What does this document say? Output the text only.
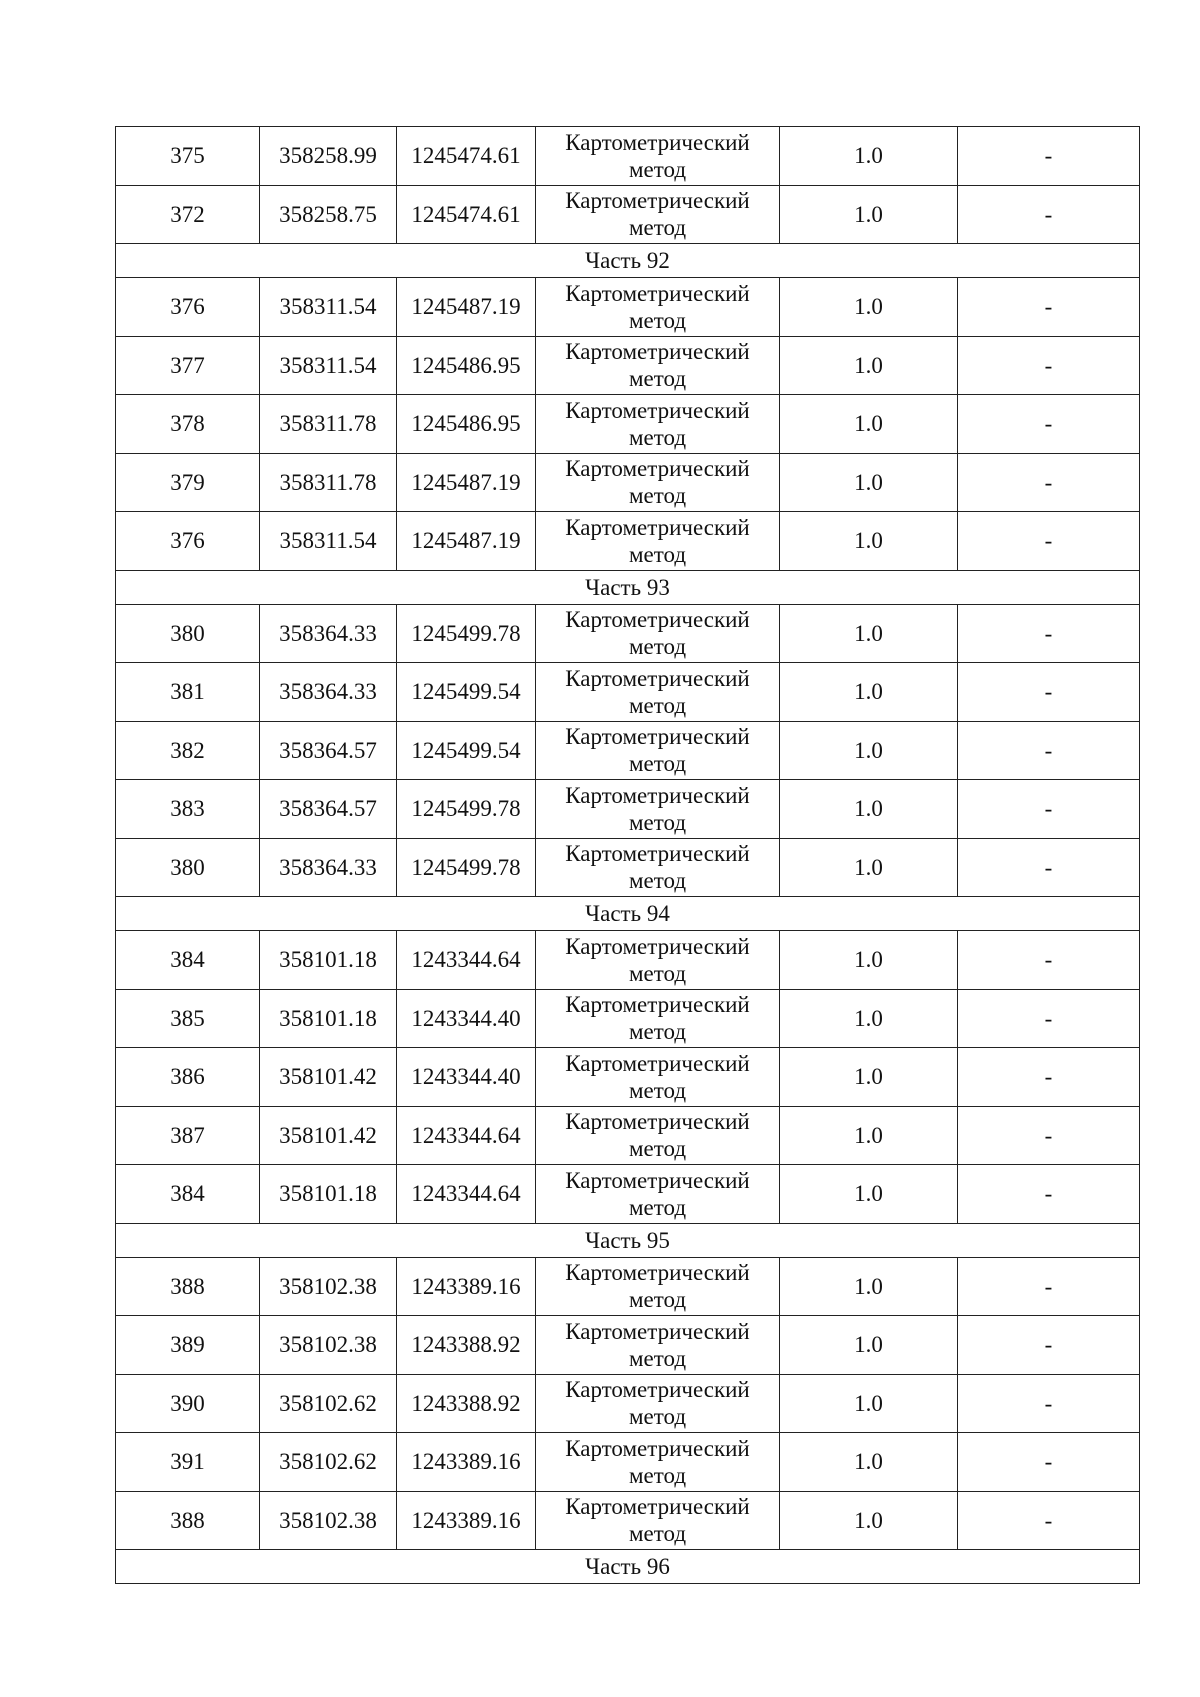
375	358258.99	1245474.61	Картометрический метод	1.0	-
372	358258.75	1245474.61	Картометрический метод	1.0	-
Часть 92					
376	358311.54	1245487.19	Картометрический метод	1.0	-
377	358311.54	1245486.95	Картометрический метод	1.0	-
378	358311.78	1245486.95	Картометрический метод	1.0	-
379	358311.78	1245487.19	Картометрический метод	1.0	-
376	358311.54	1245487.19	Картометрический метод	1.0	-
Часть 93					
380	358364.33	1245499.78	Картометрический метод	1.0	-
381	358364.33	1245499.54	Картометрический метод	1.0	-
382	358364.57	1245499.54	Картометрический метод	1.0	-
383	358364.57	1245499.78	Картометрический метод	1.0	-
380	358364.33	1245499.78	Картометрический метод	1.0	-
Часть 94					
384	358101.18	1243344.64	Картометрический метод	1.0	-
385	358101.18	1243344.40	Картометрический метод	1.0	-
386	358101.42	1243344.40	Картометрический метод	1.0	-
387	358101.42	1243344.64	Картометрический метод	1.0	-
384	358101.18	1243344.64	Картометрический метод	1.0	-
Часть 95					
388	358102.38	1243389.16	Картометрический метод	1.0	-
389	358102.38	1243388.92	Картометрический метод	1.0	-
390	358102.62	1243388.92	Картометрический метод	1.0	-
391	358102.62	1243389.16	Картометрический метод	1.0	-
388	358102.38	1243389.16	Картометрический метод	1.0	-
Часть 96					
